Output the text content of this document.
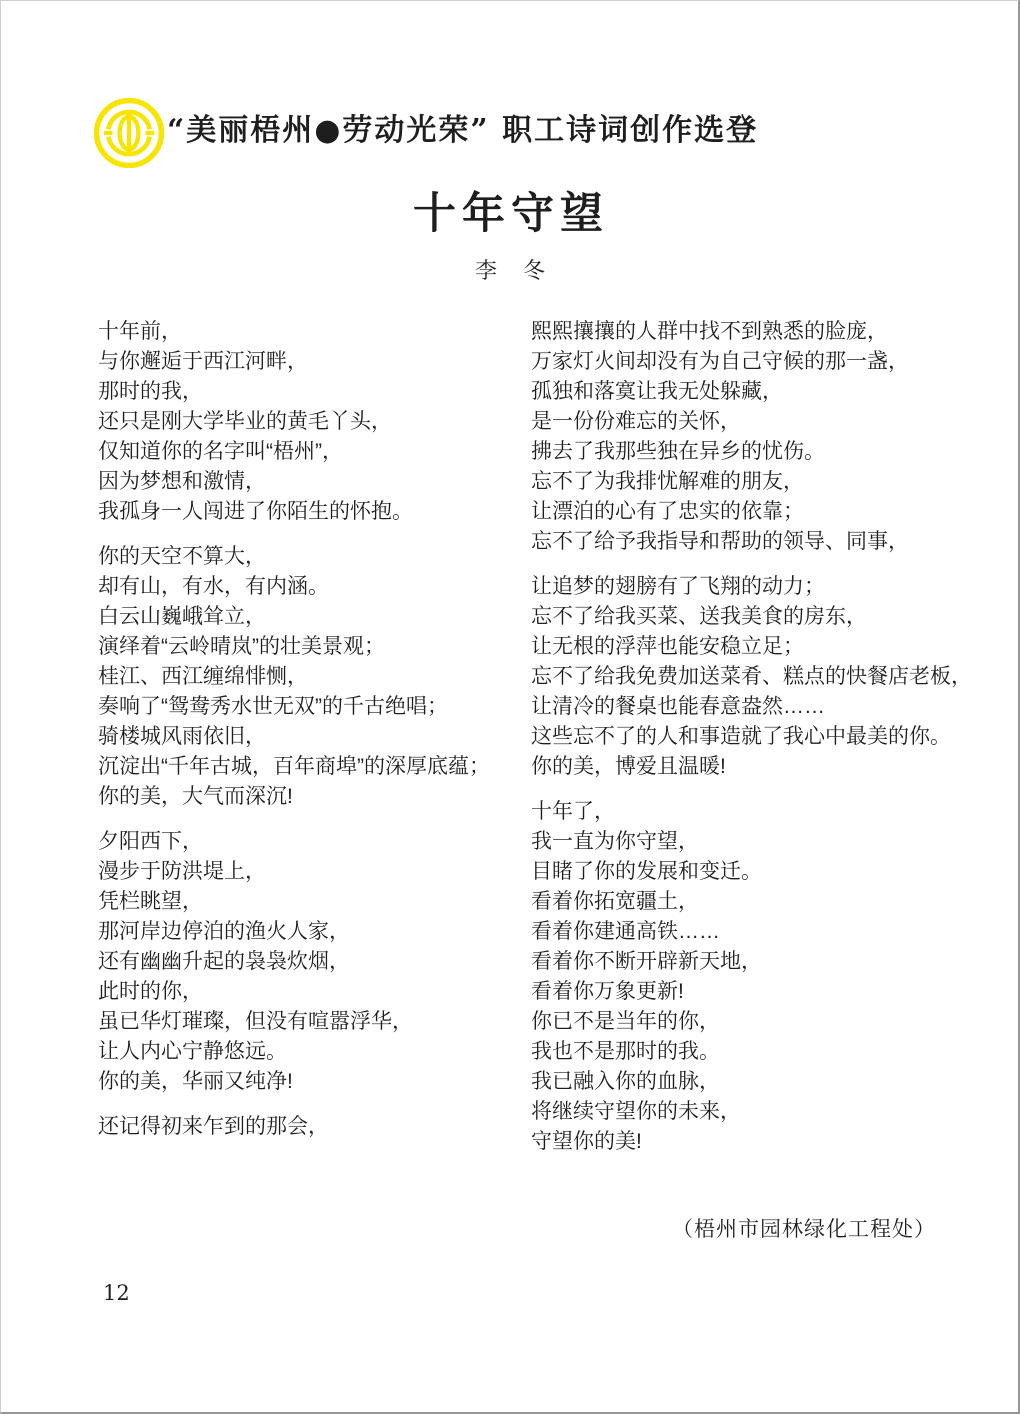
“美丽梧州●劳动光荣” 职工诗词创作选登
十年守望
李　冬
十年前，
与你邂逅于西江河畔，
那时的我，
还只是刚大学毕业的黄毛丫头，
仅知道你的名字叫“梧州”，
因为梦想和激情，
我孤身一人闯进了你陌生的怀抱。
你的天空不算大，
却有山，有水，有内涵。
白云山巍峨耸立，
演绎着“云岭晴岚”的壮美景观；
桂江、西江缠绵悱恻，
奏响了“鸳鸯秀水世无双”的千古绝唱；
骑楼城风雨依旧，
沉淀出“千年古城，百年商埠”的深厚底蕴；
你的美，大气而深沉!
夕阳西下，
漫步于防洪堤上，
凭栏眺望，
那河岸边停泊的渔火人家，
还有幽幽升起的袅袅炊烟，
此时的你，
虽已华灯璀璨，但没有喧嚣浮华，
让人内心宁静悠远。
你的美，华丽又纯净!
还记得初来乍到的那会，
熙熙攘攘的人群中找不到熟悉的脸庞，
万家灯火间却没有为自己守候的那一盏，
孤独和落寞让我无处躲藏，
是一份份难忘的关怀，
拂去了我那些独在异乡的忧伤。
忘不了为我排忧解难的朋友，
让漂泊的心有了忠实的依靠；
忘不了给予我指导和帮助的领导、同事，
让追梦的翅膀有了飞翔的动力；
忘不了给我买菜、送我美食的房东，
让无根的浮萍也能安稳立足；
忘不了给我免费加送菜肴、糕点的快餐店老板，
让清冷的餐桌也能春意盎然……
这些忘不了的人和事造就了我心中最美的你。
你的美，博爱且温暖!
十年了，
我一直为你守望，
目睹了你的发展和变迁。
看着你拓宽疆土，
看着你建通高铁……
看着你不断开辟新天地，
看着你万象更新!
你已不是当年的你，
我也不是那时的我。
我已融入你的血脉，
将继续守望你的未来，
守望你的美!
（梧州市园林绿化工程处）
12
